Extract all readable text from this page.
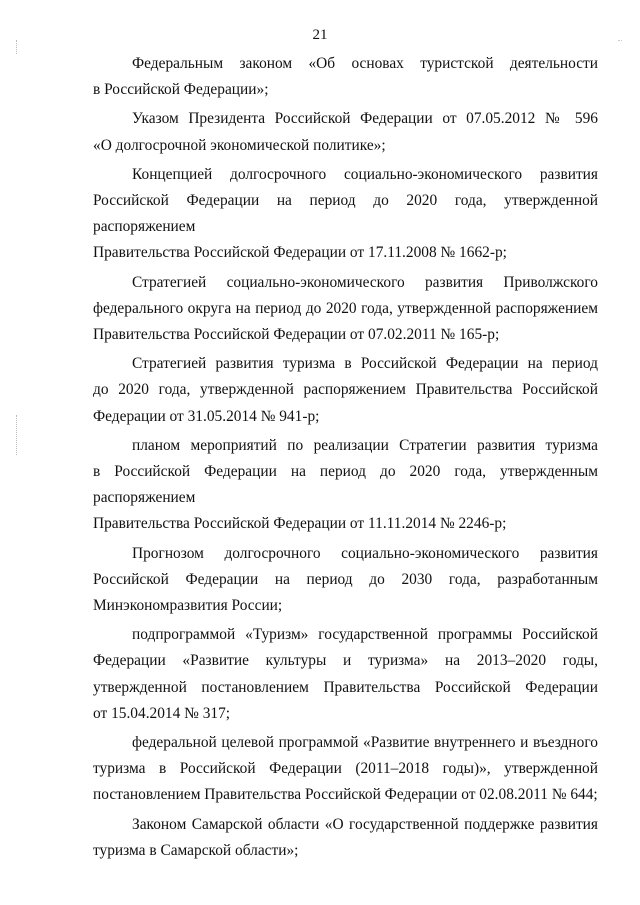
21
Федеральным законом «Об основах туристской деятельности
в Российской Федерации»;
Указом Президента Российской Федерации от 07.05.2012 № 596
«О долгосрочной экономической политике»;
Концепцией долгосрочного социально-экономического развития
Российской Федерации на период до 2020 года, утвержденной распоряжением
Правительства Российской Федерации от 17.11.2008 № 1662-р;
Стратегией социально-экономического развития Приволжского
федерального округа на период до 2020 года, утвержденной распоряжением
Правительства Российской Федерации от 07.02.2011 № 165-р;
Стратегией развития туризма в Российской Федерации на период
до 2020 года, утвержденной распоряжением Правительства Российской
Федерации от 31.05.2014 № 941-р;
планом мероприятий по реализации Стратегии развития туризма
в Российской Федерации на период до 2020 года, утвержденным распоряжением
Правительства Российской Федерации от 11.11.2014 № 2246-р;
Прогнозом долгосрочного социально-экономического развития
Российской Федерации на период до 2030 года, разработанным
Минэкономразвития России;
подпрограммой «Туризм» государственной программы Российской
Федерации «Развитие культуры и туризма» на 2013–2020 годы,
утвержденной постановлением Правительства Российской Федерации
от 15.04.2014 № 317;
федеральной целевой программой «Развитие внутреннего и въездного
туризма в Российской Федерации (2011–2018 годы)», утвержденной
постановлением Правительства Российской Федерации от 02.08.2011 № 644;
Законом Самарской области «О государственной поддержке развития
туризма в Самарской области»;
